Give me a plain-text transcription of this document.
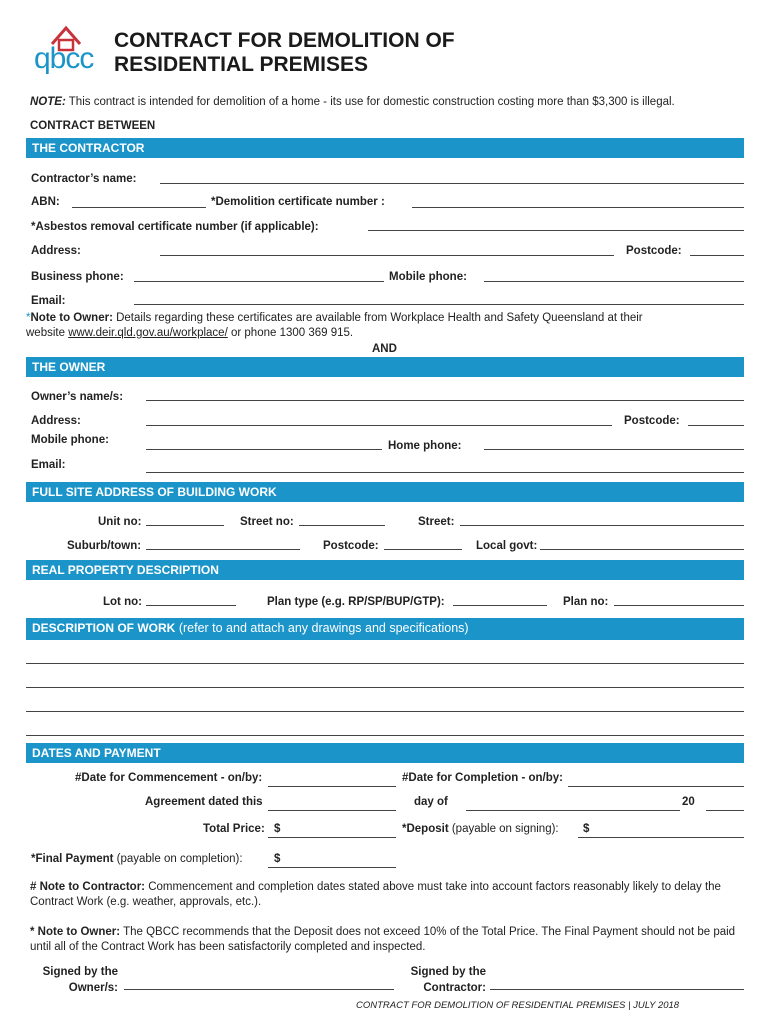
qbcc
CONTRACT FOR DEMOLITION OF
RESIDENTIAL PREMISES
NOTE: This contract is intended for demolition of a home - its use for domestic construction costing more than $3,300 is illegal.
CONTRACT BETWEEN
THE CONTRACTOR
Contractor’s name:
ABN:	*Demolition certificate number :
*Asbestos removal certificate number (if applicable):
Address:	Postcode:
Business phone:	Mobile phone:
Email:
*Note to Owner: Details regarding these certificates are available from Workplace Health and Safety Queensland at their
website www.deir.qld.gov.au/workplace/ or phone 1300 369 915.
AND
THE OWNER
Owner’s name/s:
Address:	Postcode:
Mobile phone:	Home phone:
Email:
FULL SITE ADDRESS OF BUILDING WORK
Unit no:	Street no:	Street:
Suburb/town:	Postcode:	Local govt:
REAL PROPERTY DESCRIPTION
Lot no:	Plan type (e.g. RP/SP/BUP/GTP):	Plan no:
DESCRIPTION OF WORK (refer to and attach any drawings and specifications)
DATES AND PAYMENT
#Date for Commencement - on/by:	#Date for Completion - on/by:
Agreement dated this	day of	20
Total Price: $	*Deposit (payable on signing): $
*Final Payment (payable on completion):	$
# Note to Contractor: Commencement and completion dates stated above must take into account factors reasonably likely to delay the Contract Work (e.g. weather, approvals, etc.).
* Note to Owner: The QBCC recommends that the Deposit does not exceed 10% of the Total Price. The Final Payment should not be paid until all of the Contract Work has been satisfactorily completed and inspected.
Signed by the
Owner/s:
Signed by the
Contractor:
CONTRACT FOR DEMOLITION OF RESIDENTIAL PREMISES | JULY 2018
